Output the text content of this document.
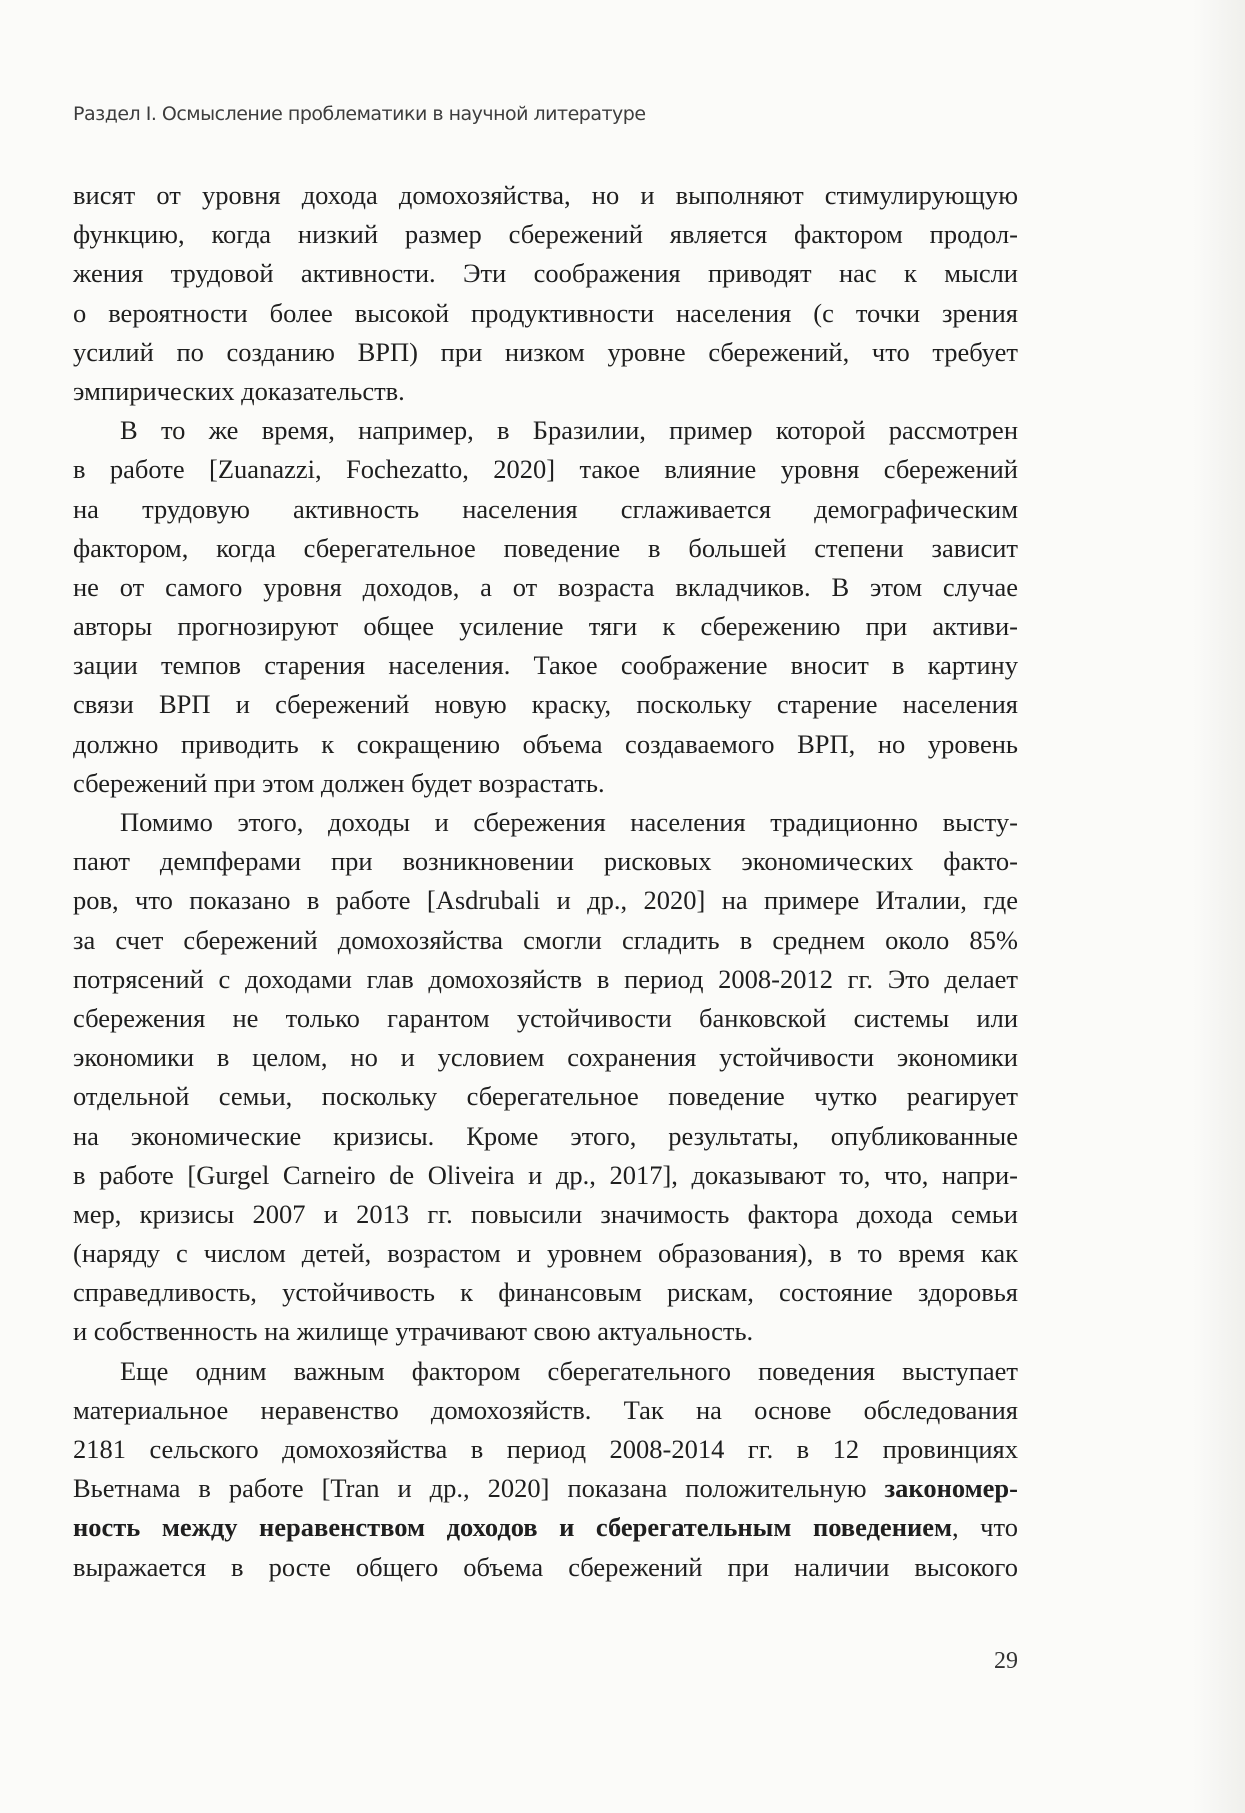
Раздел I. Осмысление проблематики в научной литературе

висят от уровня дохода домохозяйства, но и выполняют стимулирующую

функцию, когда низкий размер сбережений является фактором продол-

жения трудовой активности. Эти соображения приводят нас к мысли

о вероятности более высокой продуктивности населения (с точки зрения

усилий по созданию ВРП) при низком уровне сбережений, что требует

эмпирических доказательств.

В то же время, например, в Бразилии, пример которой рассмотрен

в работе [Zuanazzi, Fochezatto, 2020] такое влияние уровня сбережений

на трудовую активность населения сглаживается демографическим

фактором, когда сберегательное поведение в большей степени зависит

не от самого уровня доходов, а от возраста вкладчиков. В этом случае

авторы прогнозируют общее усиление тяги к сбережению при активи-

зации темпов старения населения. Такое соображение вносит в картину

связи ВРП и сбережений новую краску, поскольку старение населения

должно приводить к сокращению объема создаваемого ВРП, но уровень

сбережений при этом должен будет возрастать.

Помимо этого, доходы и сбережения населения традиционно высту-

пают демпферами при возникновении рисковых экономических факто-

ров, что показано в работе [Asdrubali и др., 2020] на примере Италии, где

за счет сбережений домохозяйства смогли сгладить в среднем около 85%

потрясений с доходами глав домохозяйств в период 2008-2012 гг. Это делает

сбережения не только гарантом устойчивости банковской системы или

экономики в целом, но и условием сохранения устойчивости экономики

отдельной семьи, поскольку сберегательное поведение чутко реагирует

на экономические кризисы. Кроме этого, результаты, опубликованные

в работе [Gurgel Carneiro de Oliveira и др., 2017], доказывают то, что, напри-

мер, кризисы 2007 и 2013 гг. повысили значимость фактора дохода семьи

(наряду с числом детей, возрастом и уровнем образования), в то время как

справедливость, устойчивость к финансовым рискам, состояние здоровья

и собственность на жилище утрачивают свою актуальность.

Еще одним важным фактором сберегательного поведения выступает

материальное неравенство домохозяйств. Так на основе обследования

2181 сельского домохозяйства в период 2008-2014 гг. в 12 провинциях

Вьетнама в работе [Tran и др., 2020] показана положительную закономер-

ность между неравенством доходов и сберегательным поведением, что

выражается в росте общего объема сбережений при наличии высокого

29
